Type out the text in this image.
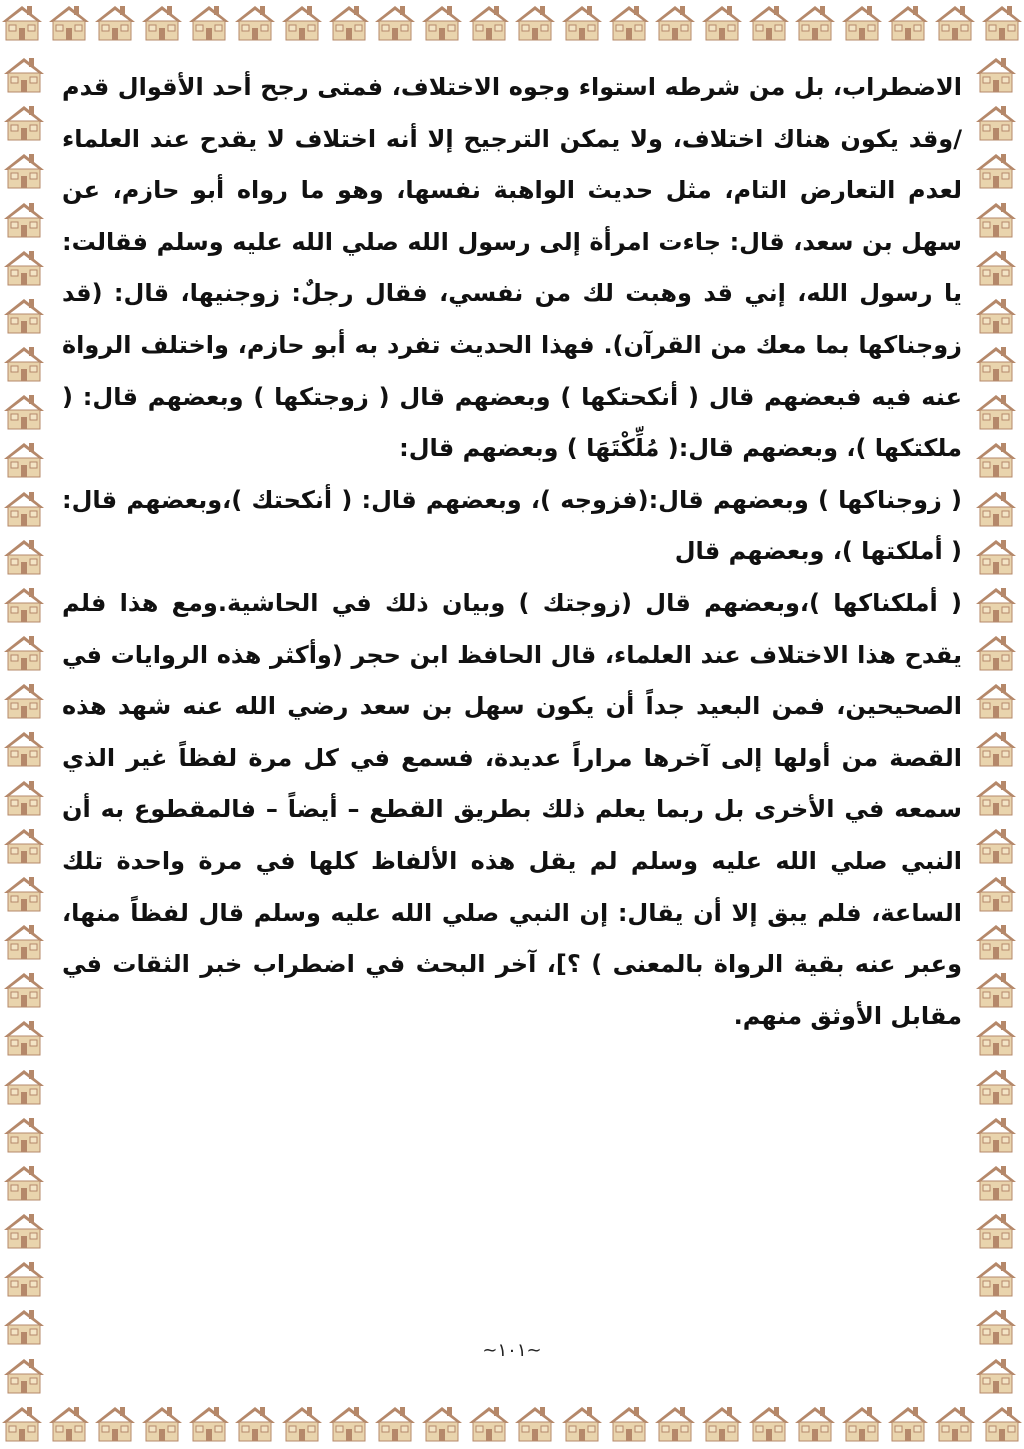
الاضطراب، بل من شرطه استواء وجوه الاختلاف، فمتى رجح أحد الأقوال قدم /وقد يكون هناك اختلاف، ولا يمكن الترجيح إلا أنه اختلاف لا يقدح عند العلماء لعدم التعارض التام، مثل حديث الواهبة نفسها، وهو ما رواه أبو حازم، عن سهل بن سعد، قال: جاءت امرأة إلى رسول الله صلي الله عليه وسلم فقالت: يا رسول الله، إني قد وهبت لك من نفسي، فقال رجلٌ: زوجنيها، قال: (قد زوجناكها بما معك من القرآن). فهذا الحديث تفرد به أبو حازم، واختلف الرواة عنه فيه فبعضهم قال ( أنكحتكها ) وبعضهم قال ( زوجتكها ) وبعضهم قال: ( ملكتكها )، وبعضهم قال:( مُلِّكْتَهَا ) وبعضهم قال:

( زوجناكها ) وبعضهم قال:(فزوجه )، وبعضهم قال: ( أنكحتك )،وبعضهم قال: ( أملكتها )، وبعضهم قال

( أملكناكها )،وبعضهم قال (زوجتك ) وبيان ذلك في الحاشية.ومع هذا فلم يقدح هذا الاختلاف عند العلماء، قال الحافظ ابن حجر (وأكثر هذه الروايات في الصحيحين، فمن البعيد جداً أن يكون سهل بن سعد رضي الله عنه شهد هذه القصة من أولها إلى آخرها مراراً عديدة، فسمع في كل مرة لفظاً غير الذي سمعه في الأخرى بل ربما يعلم ذلك بطريق القطع – أيضاً – فالمقطوع به أن النبي صلي الله عليه وسلم لم يقل هذه الألفاظ كلها في مرة واحدة تلك الساعة، فلم يبق إلا أن يقال: إن النبي صلي الله عليه وسلم قال لفظاً منها، وعبر عنه بقية الرواة بالمعنى ) ؟]، آخر البحث في اضطراب خبر الثقات في مقابل الأوثق منهم.

~١٠١~
